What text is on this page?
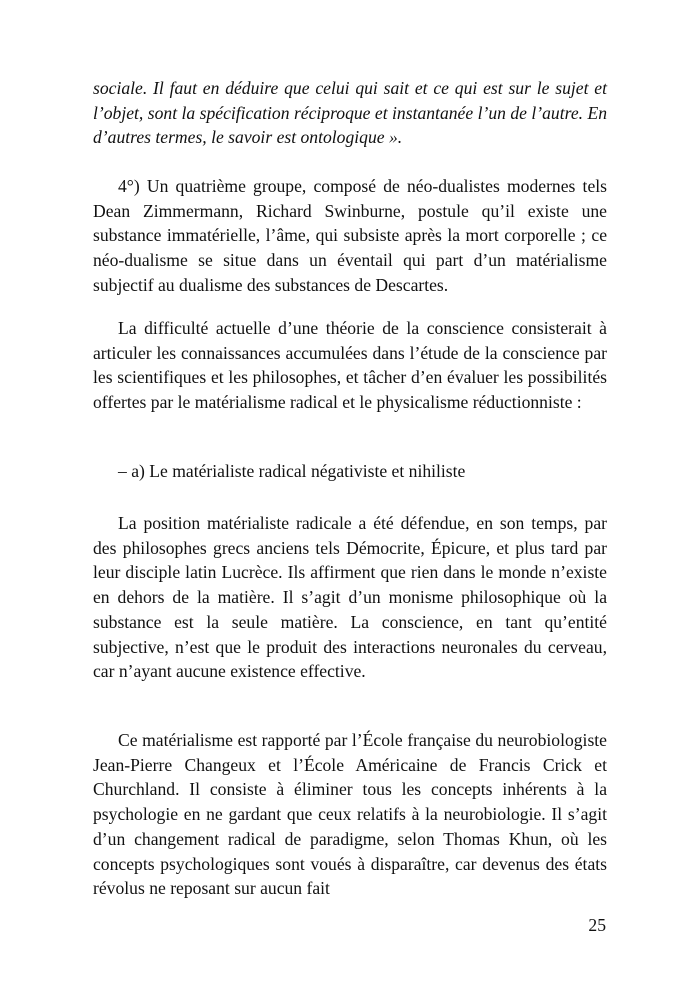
sociale. Il faut en déduire que celui qui sait et ce qui est sur le sujet et l’objet, sont la spécification réciproque et instantanée l’un de l’autre. En d’autres termes, le savoir est ontologique ».

4°) Un quatrième groupe, composé de néo-dualistes modernes tels Dean Zimmermann, Richard Swinburne, postule qu’il existe une substance immatérielle, l’âme, qui subsiste après la mort corporelle ; ce néo-dualisme se situe dans un éventail qui part d’un matérialisme subjectif au dualisme des substances de Descartes.

La difficulté actuelle d’une théorie de la conscience consisterait à articuler les connaissances accumulées dans l’étude de la conscience par les scientifiques et les philosophes, et tâcher d’en évaluer les possibilités offertes par le matérialisme radical et le physicalisme réductionniste :

– a) Le matérialiste radical négativiste et nihiliste

La position matérialiste radicale a été défendue, en son temps, par des philosophes grecs anciens tels Démocrite, Épicure, et plus tard par leur disciple latin Lucrèce. Ils affirment que rien dans le monde n’existe en dehors de la matière. Il s’agit d’un monisme philosophique où la substance est la seule matière. La conscience, en tant qu’entité subjective, n’est que le produit des interactions neuronales du cerveau, car n’ayant aucune existence effective.

Ce matérialisme est rapporté par l’École française du neurobiologiste Jean-Pierre Changeux et l’École Américaine de Francis Crick et Churchland. Il consiste à éliminer tous les concepts inhérents à la psychologie en ne gardant que ceux relatifs à la neurobiologie. Il s’agit d’un changement radical de paradigme, selon Thomas Khun, où les concepts psychologiques sont voués à disparaître, car devenus des états révolus ne reposant sur aucun fait

25
